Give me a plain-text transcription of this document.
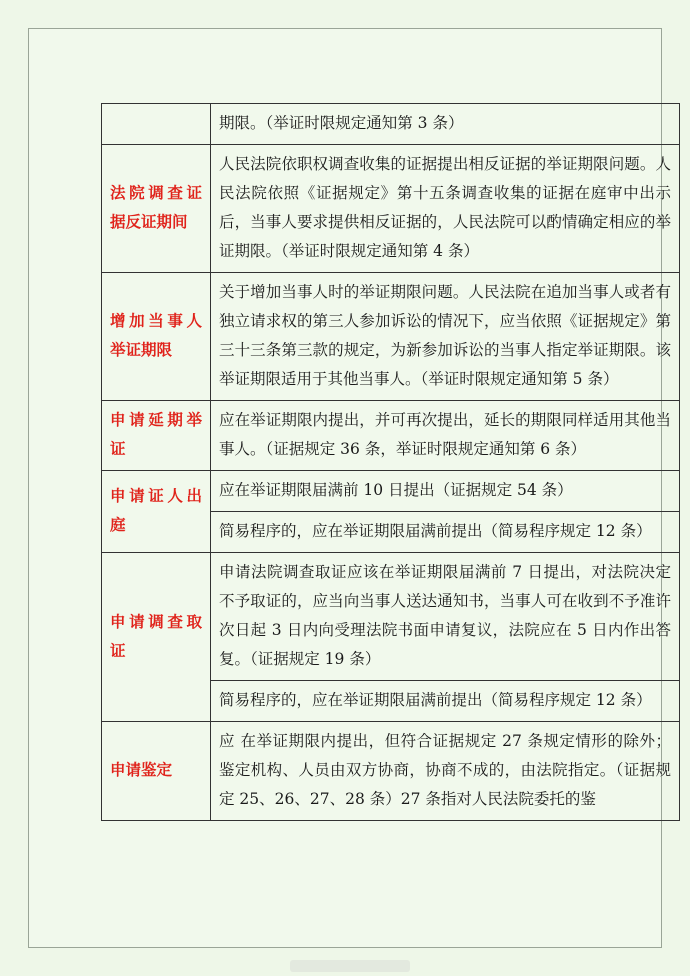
	期限。（举证时限规定通知第 3 条）
法院调查证据反证期间	人民法院依职权调查收集的证据提出相反证据的举证期限问题。人民法院依照《证据规定》第十五条调查收集的证据在庭审中出示后，当事人要求提供相反证据的，人民法院可以酌情确定相应的举证期限。（举证时限规定通知第 4 条）
增加当事人举证期限	关于增加当事人时的举证期限问题。人民法院在追加当事人或者有独立请求权的第三人参加诉讼的情况下，应当依照《证据规定》第三十三条第三款的规定，为新参加诉讼的当事人指定举证期限。该举证期限适用于其他当事人。（举证时限规定通知第 5 条）
申请延期举证	应在举证期限内提出，并可再次提出，延长的期限同样适用其他当事人。（证据规定 36 条，举证时限规定通知第 6 条）
申请证人出庭	应在举证期限届满前 10 日提出（证据规定 54 条）
	简易程序的，应在举证期限届满前提出（简易程序规定 12 条）
申请调查取证	申请法院调查取证应该在举证期限届满前 7 日提出，对法院决定不予取证的，应当向当事人送达通知书，当事人可在收到不予准许次日起 3 日内向受理法院书面申请复议，法院应在 5 日内作出答复。（证据规定 19 条）
	简易程序的，应在举证期限届满前提出（简易程序规定 12 条）
申请鉴定	应 在举证期限内提出，但符合证据规定 27 条规定情形的除外；鉴定机构、人员由双方协商，协商不成的，由法院指定。（证据规定 25、26、27、28 条）27 条指对人民法院委托的鉴
